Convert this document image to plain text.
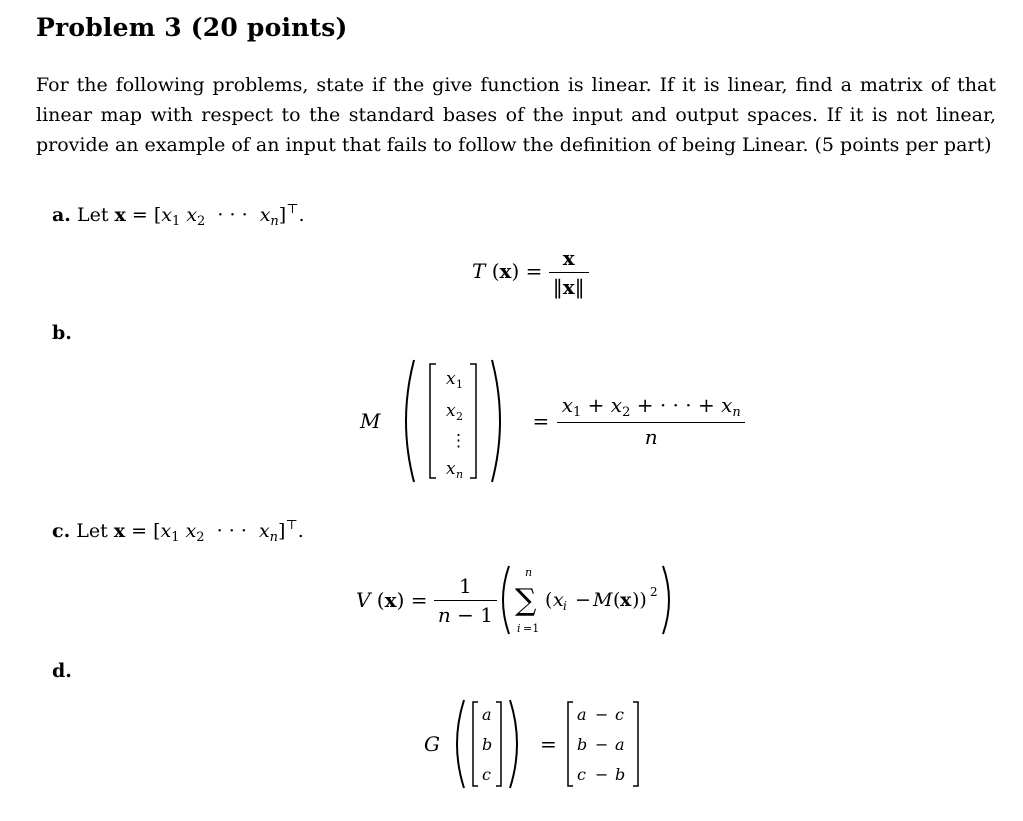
Problem 3 (20 points)
For the following problems, state if the give function is linear. If it is linear, find a matrix of that linear map with respect to the standard bases of the input and output spaces. If it is not linear, provide an example of an input that fails to follow the definition of being Linear. (5 points per part)
a. Let $x = [x_1$ $x_2$  · · ·  $x_n]^⊤$.
T $(x) = \frac{x}{‖x‖}$
b.
M
x 1
x 2
⋮
x n
= $\frac{x_1 + x_2 + \cdot \cdot \cdot + x_n}{n}$
c. Let $x = [x_1$ $x_2$  · · ·  $x_n]^⊤$.
V ( x ) = $\frac{1}{n - 1}$
n
∑
i =1
( x i − M ( x )) 2
d.
G
a
b
c
=
a − c
b − a
c − b
